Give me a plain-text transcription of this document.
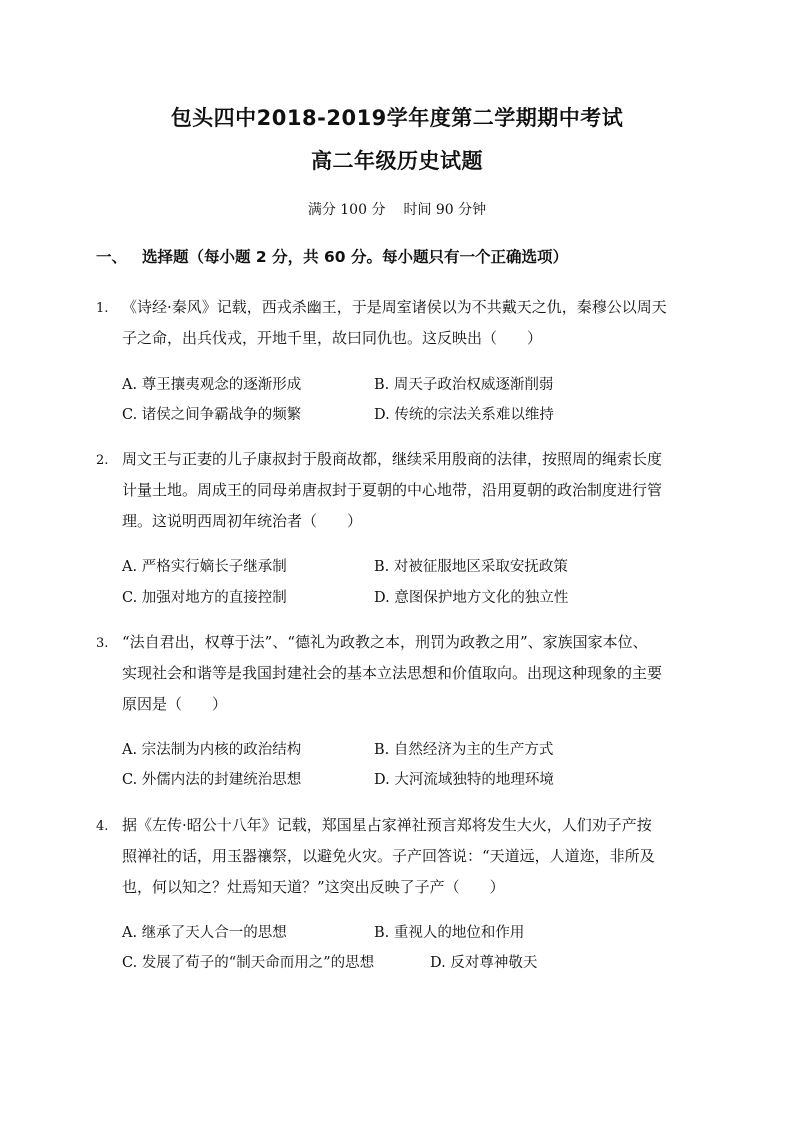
包头四中2018-2019学年度第二学期期中考试
高二年级历史试题
满分 100 分 时间 90 分钟
一、 选择题（每小题 2 分，共 60 分。每小题只有一个正确选项）
1. 《诗经·秦风》记载，西戎杀幽王，于是周室诸侯以为不共戴天之仇，秦穆公以周天
子之命，出兵伐戎，开地千里，故曰同仇也。这反映出（　　）
A. 尊王攘夷观念的逐渐形成	B. 周天子政治权威逐渐削弱
C. 诸侯之间争霸战争的频繁	D. 传统的宗法关系难以维持
2. 周文王与正妻的儿子康叔封于殷商故都，继续采用殷商的法律，按照周的绳索长度
计量土地。周成王的同母弟唐叔封于夏朝的中心地带，沿用夏朝的政治制度进行管
理。这说明西周初年统治者（　　）
A. 严格实行嫡长子继承制	B. 对被征服地区采取安抚政策
C. 加强对地方的直接控制	D. 意图保护地方文化的独立性
3. “法自君出，权尊于法”、“德礼为政教之本，刑罚为政教之用”、家族国家本位、
实现社会和谐等是我国封建社会的基本立法思想和价值取向。出现这种现象的主要
原因是（　　）
A. 宗法制为内核的政治结构	B. 自然经济为主的生产方式
C. 外儒内法的封建统治思想	D. 大河流域独特的地理环境
4. 据《左传·昭公十八年》记载，郑国星占家禅社预言郑将发生大火，人们劝子产按
照禅社的话，用玉器禳祭，以避免火灾。子产回答说：“天道远，人道迩，非所及
也，何以知之？灶焉知天道？”这突出反映了子产（　　）
A. 继承了天人合一的思想	B. 重视人的地位和作用
C. 发展了荀子的“制天命而用之”的思想	D. 反对尊神敬天
